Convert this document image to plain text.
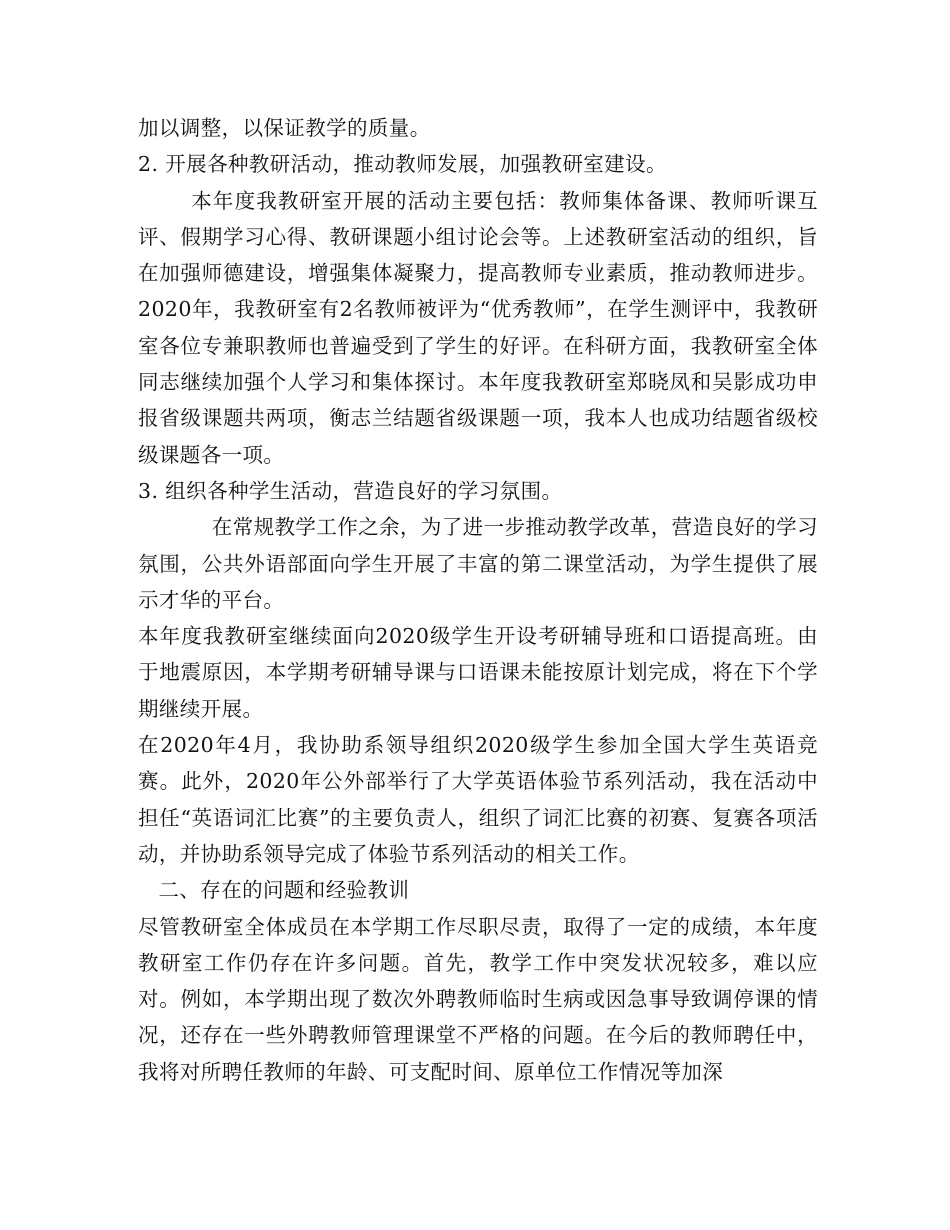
加以调整，以保证教学的质量。

2. 开展各种教研活动，推动教师发展，加强教研室建设。

本年度我教研室开展的活动主要包括：教师集体备课、教师听课互评、假期学习心得、教研课题小组讨论会等。上述教研室活动的组织，旨在加强师德建设，增强集体凝聚力，提高教师专业素质，推动教师进步。2020年，我教研室有2名教师被评为“优秀教师”，在学生测评中，我教研室各位专兼职教师也普遍受到了学生的好评。在科研方面，我教研室全体同志继续加强个人学习和集体探讨。本年度我教研室郑晓凤和吴影成功申报省级课题共两项，衡志兰结题省级课题一项，我本人也成功结题省级校级课题各一项。

3. 组织各种学生活动，营造良好的学习氛围。

在常规教学工作之余，为了进一步推动教学改革，营造良好的学习氛围，公共外语部面向学生开展了丰富的第二课堂活动，为学生提供了展示才华的平台。

本年度我教研室继续面向2020级学生开设考研辅导班和口语提高班。由于地震原因，本学期考研辅导课与口语课未能按原计划完成，将在下个学期继续开展。

在2020年4月，我协助系领导组织2020级学生参加全国大学生英语竞赛。此外，2020年公外部举行了大学英语体验节系列活动，我在活动中担任“英语词汇比赛”的主要负责人，组织了词汇比赛的初赛、复赛各项活动，并协助系领导完成了体验节系列活动的相关工作。

二、存在的问题和经验教训

尽管教研室全体成员在本学期工作尽职尽责，取得了一定的成绩，本年度教研室工作仍存在许多问题。首先，教学工作中突发状况较多，难以应对。例如，本学期出现了数次外聘教师临时生病或因急事导致调停课的情况，还存在一些外聘教师管理课堂不严格的问题。在今后的教师聘任中，我将对所聘任教师的年龄、可支配时间、原单位工作情况等加深
